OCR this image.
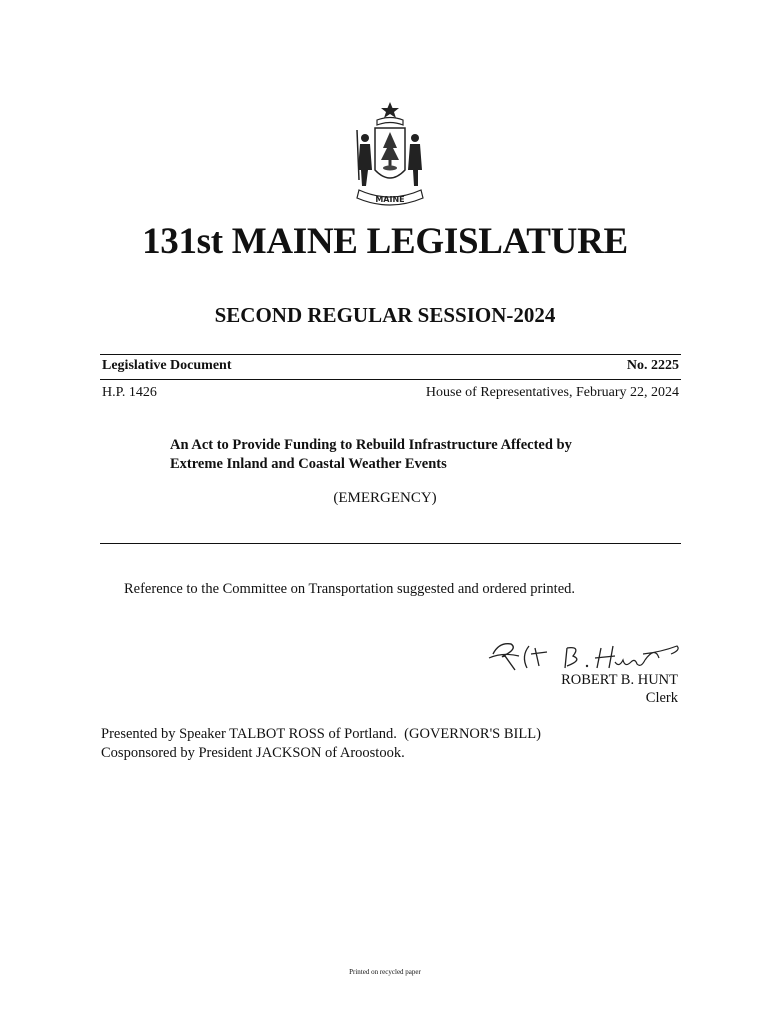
MAINE
131st MAINE LEGISLATURE
SECOND REGULAR SESSION-2024
Legislative Document	No. 2225
H.P. 1426	House of Representatives, February 22, 2024
An Act to Provide Funding to Rebuild Infrastructure Affected by
Extreme Inland and Coastal Weather Events
(EMERGENCY)
Reference to the Committee on Transportation suggested and ordered printed.
ROBERT B. HUNT
Clerk
Presented by Speaker TALBOT ROSS of Portland.  (GOVERNOR'S BILL)
Cosponsored by President JACKSON of Aroostook.
Printed on recycled paper
